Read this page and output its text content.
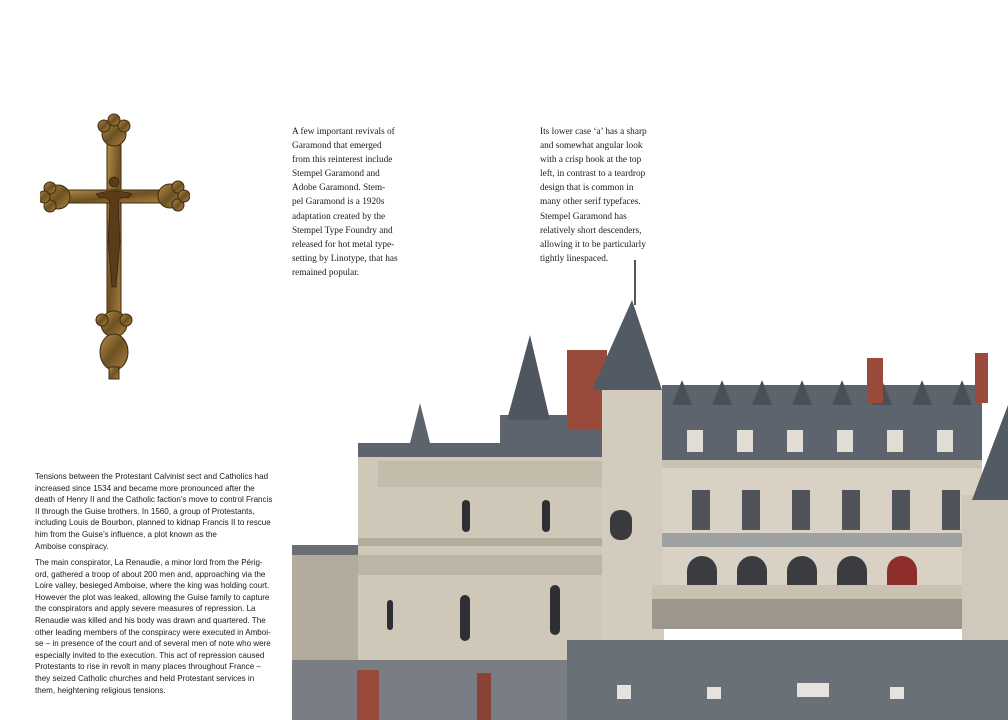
A few important revivals of
Garamond that emerged
from this reinterest include
Stempel Garamond and
Adobe Garamond. Stem-
pel Garamond is a 1920s
adaptation created by the
Stempel Type Foundry and
released for hot metal type-
setting by Linotype, that has
remained popular.
Its lower case ‘a’ has a sharp
and somewhat angular look
with a crisp hook at the top
left, in contrast to a teardrop
design that is common in
many other serif typefaces.
Stempel Garamond has
relatively short descenders,
allowing it to be particularly
tightly linespaced.
Tensions between the Protestant Calvinist sect and Catholics had
increased since 1534 and became more pronounced after the
death of Henry II and the Catholic faction’s move to control Francis
II through the Guise brothers. In 1560, a group of Protestants,
including Louis de Bourbon, planned to kidnap Francis II to rescue
him from the Guise’s influence, a plot known as the
Amboise conspiracy.
The main conspirator, La Renaudie, a minor lord from the Périg-
ord, gathered a troop of about 200 men and, approaching via the
Loire valley, besieged Amboise, where the king was holding court.
However the plot was leaked, allowing the Guise family to capture
the conspirators and apply severe measures of repression. La
Renaudie was killed and his body was drawn and quartered. The
other leading members of the conspiracy were executed in Amboi-
se – in presence of the court and of several men of note who were
especially invited to the execution. This act of repression caused
Protestants to rise in revolt in many places throughout France –
they seized Catholic churches and held Protestant services in
them, heightening religious tensions.
